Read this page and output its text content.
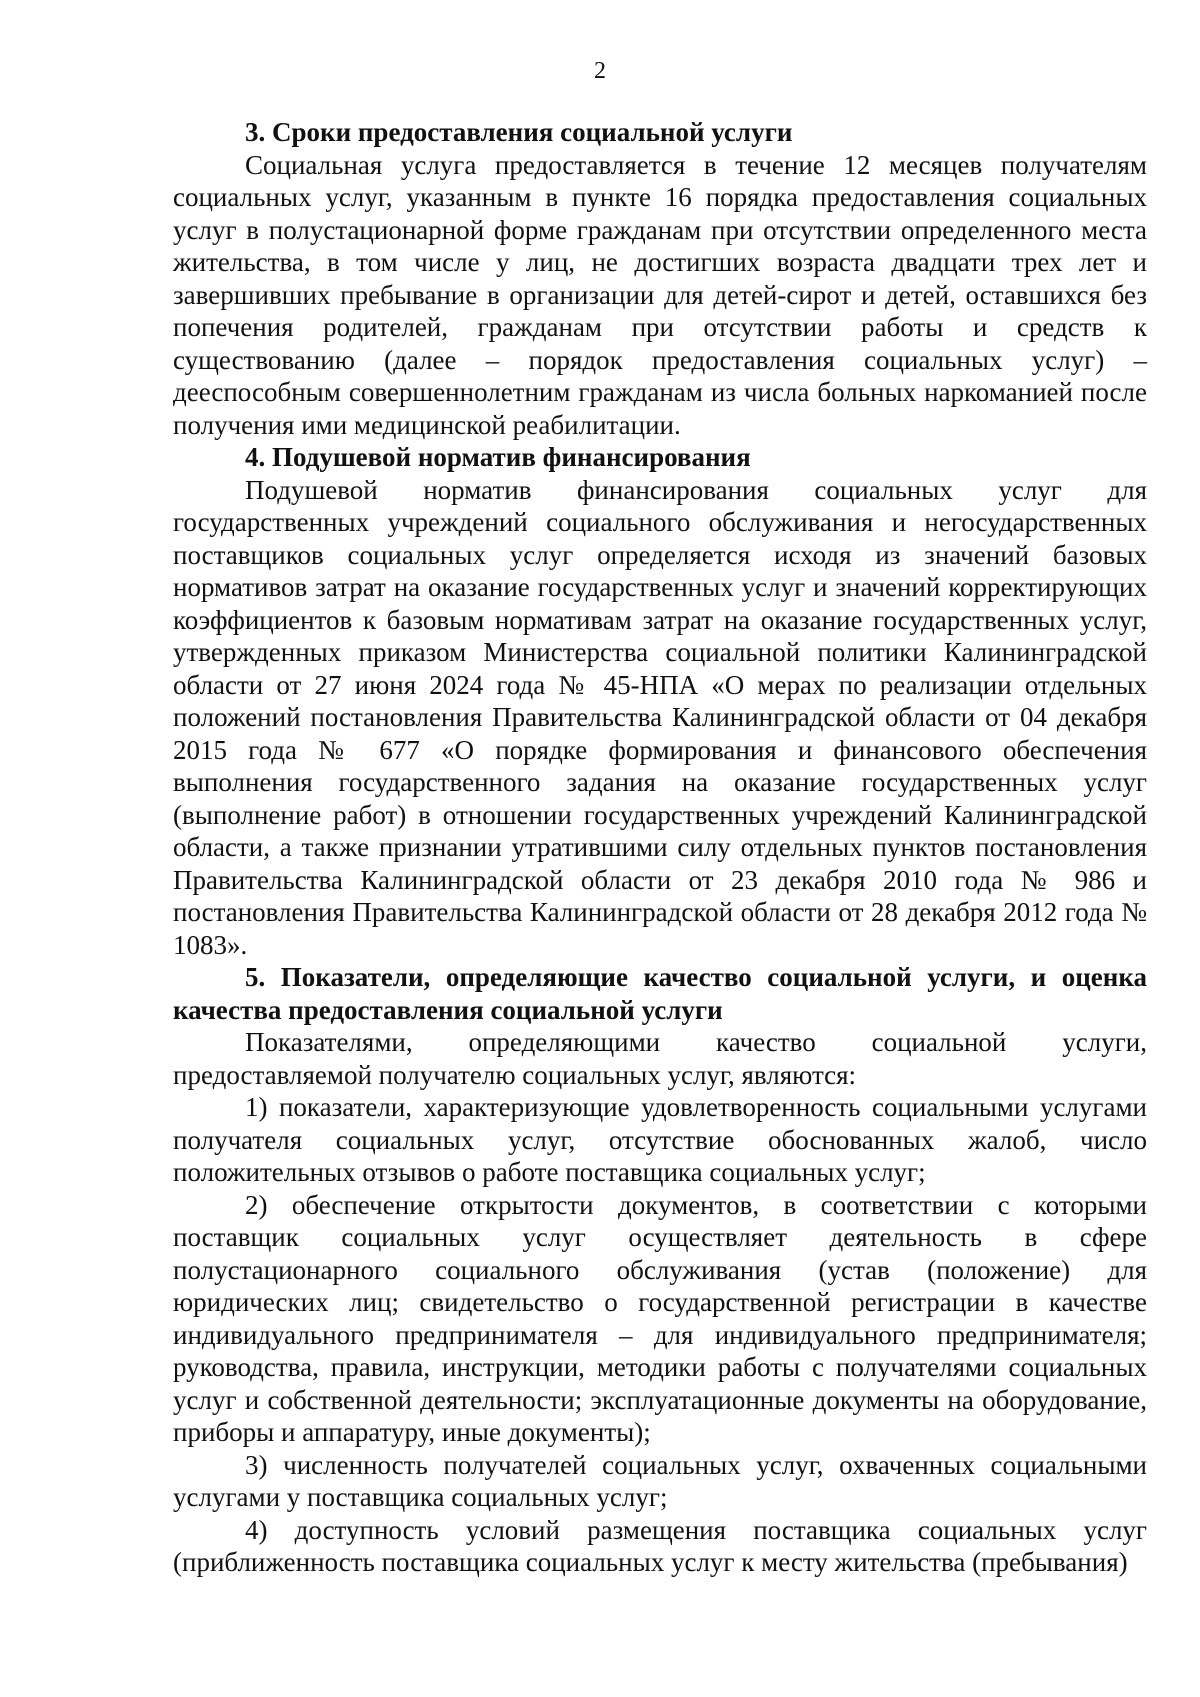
2

3. Сроки предоставления социальной услуги

Социальная услуга предоставляется в течение 12 месяцев получателям социальных услуг, указанным в пункте 16 порядка предоставления социальных услуг в полустационарной форме гражданам при отсутствии определенного места жительства, в том числе у лиц, не достигших возраста двадцати трех лет и завершивших пребывание в организации для детей-сирот и детей, оставшихся без попечения родителей, гражданам при отсутствии работы и средств к существованию (далее – порядок предоставления социальных услуг) – дееспособным совершеннолетним гражданам из числа больных наркоманией после получения ими медицинской реабилитации.

4. Подушевой норматив финансирования

Подушевой норматив финансирования социальных услуг для государственных учреждений социального обслуживания и негосударственных поставщиков социальных услуг определяется исходя из значений базовых нормативов затрат на оказание государственных услуг и значений корректирующих коэффициентов к базовым нормативам затрат на оказание государственных услуг, утвержденных приказом Министерства социальной политики Калининградской области от 27 июня 2024 года № 45-НПА «О мерах по реализации отдельных положений постановления Правительства Калининградской области от 04 декабря 2015 года № 677 «О порядке формирования и финансового обеспечения выполнения государственного задания на оказание государственных услуг (выполнение работ) в отношении государственных учреждений Калининградской области, а также признании утратившими силу отдельных пунктов постановления Правительства Калининградской области от 23 декабря 2010 года № 986 и постановления Правительства Калининградской области от 28 декабря 2012 года № 1083».

5. Показатели, определяющие качество социальной услуги, и оценка качества предоставления социальной услуги

Показателями, определяющими качество социальной услуги, предоставляемой получателю социальных услуг, являются:

1) показатели, характеризующие удовлетворенность социальными услугами получателя социальных услуг, отсутствие обоснованных жалоб, число положительных отзывов о работе поставщика социальных услуг;

2) обеспечение открытости документов, в соответствии с которыми поставщик социальных услуг осуществляет деятельность в сфере полустационарного социального обслуживания (устав (положение) для юридических лиц; свидетельство о государственной регистрации в качестве индивидуального предпринимателя – для индивидуального предпринимателя; руководства, правила, инструкции, методики работы с получателями социальных услуг и собственной деятельности; эксплуатационные документы на оборудование, приборы и аппаратуру, иные документы);

3) численность получателей социальных услуг, охваченных социальными услугами у поставщика социальных услуг;

4) доступность условий размещения поставщика социальных услуг (приближенность поставщика социальных услуг к месту жительства (пребывания)
